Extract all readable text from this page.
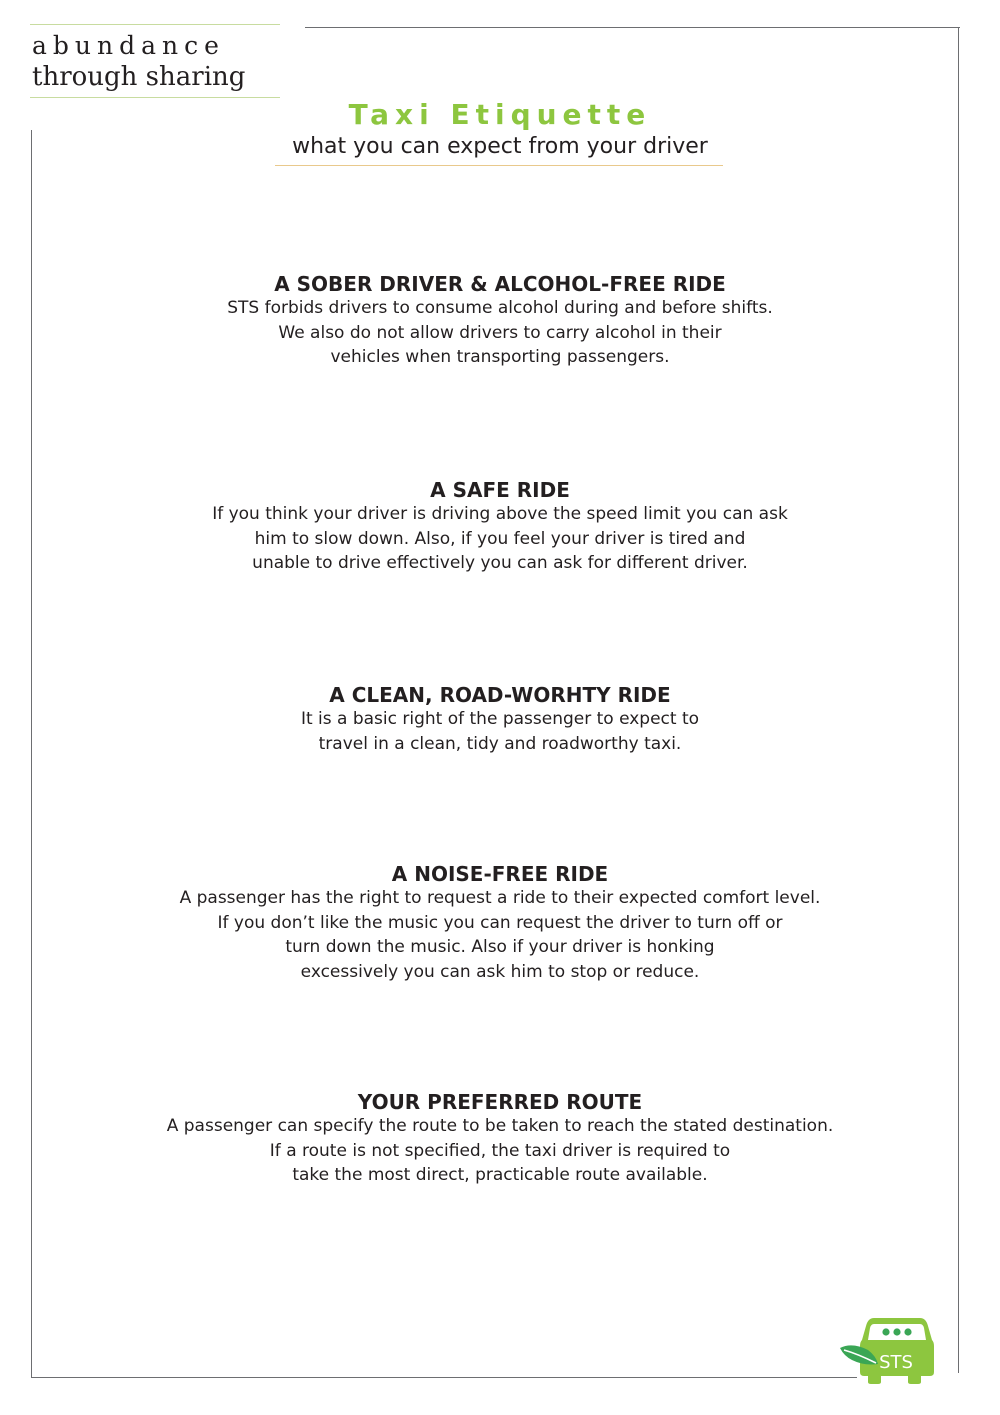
abundance
through sharing
Taxi Etiquette
what you can expect from your driver
A SOBER DRIVER & ALCOHOL-FREE RIDE

STS forbids drivers to consume alcohol during and before shifts.
We also do not allow drivers to carry alcohol in their
vehicles when transporting passengers.

A SAFE RIDE

If you think your driver is driving above the speed limit you can ask
him to slow down. Also, if you feel your driver is tired and
unable to drive effectively you can ask for different driver.

A CLEAN, ROAD-WORHTY RIDE

It is a basic right of the passenger to expect to
travel in a clean, tidy and roadworthy taxi.

A NOISE-FREE RIDE

A passenger has the right to request a ride to their expected comfort level.
If you don’t like the music you can request the driver to turn off or
turn down the music. Also if your driver is honking
excessively you can ask him to stop or reduce.

YOUR PREFERRED ROUTE

A passenger can specify the route to be taken to reach the stated destination.
If a route is not specified, the taxi driver is required to
take the most direct, practicable route available.

STS
